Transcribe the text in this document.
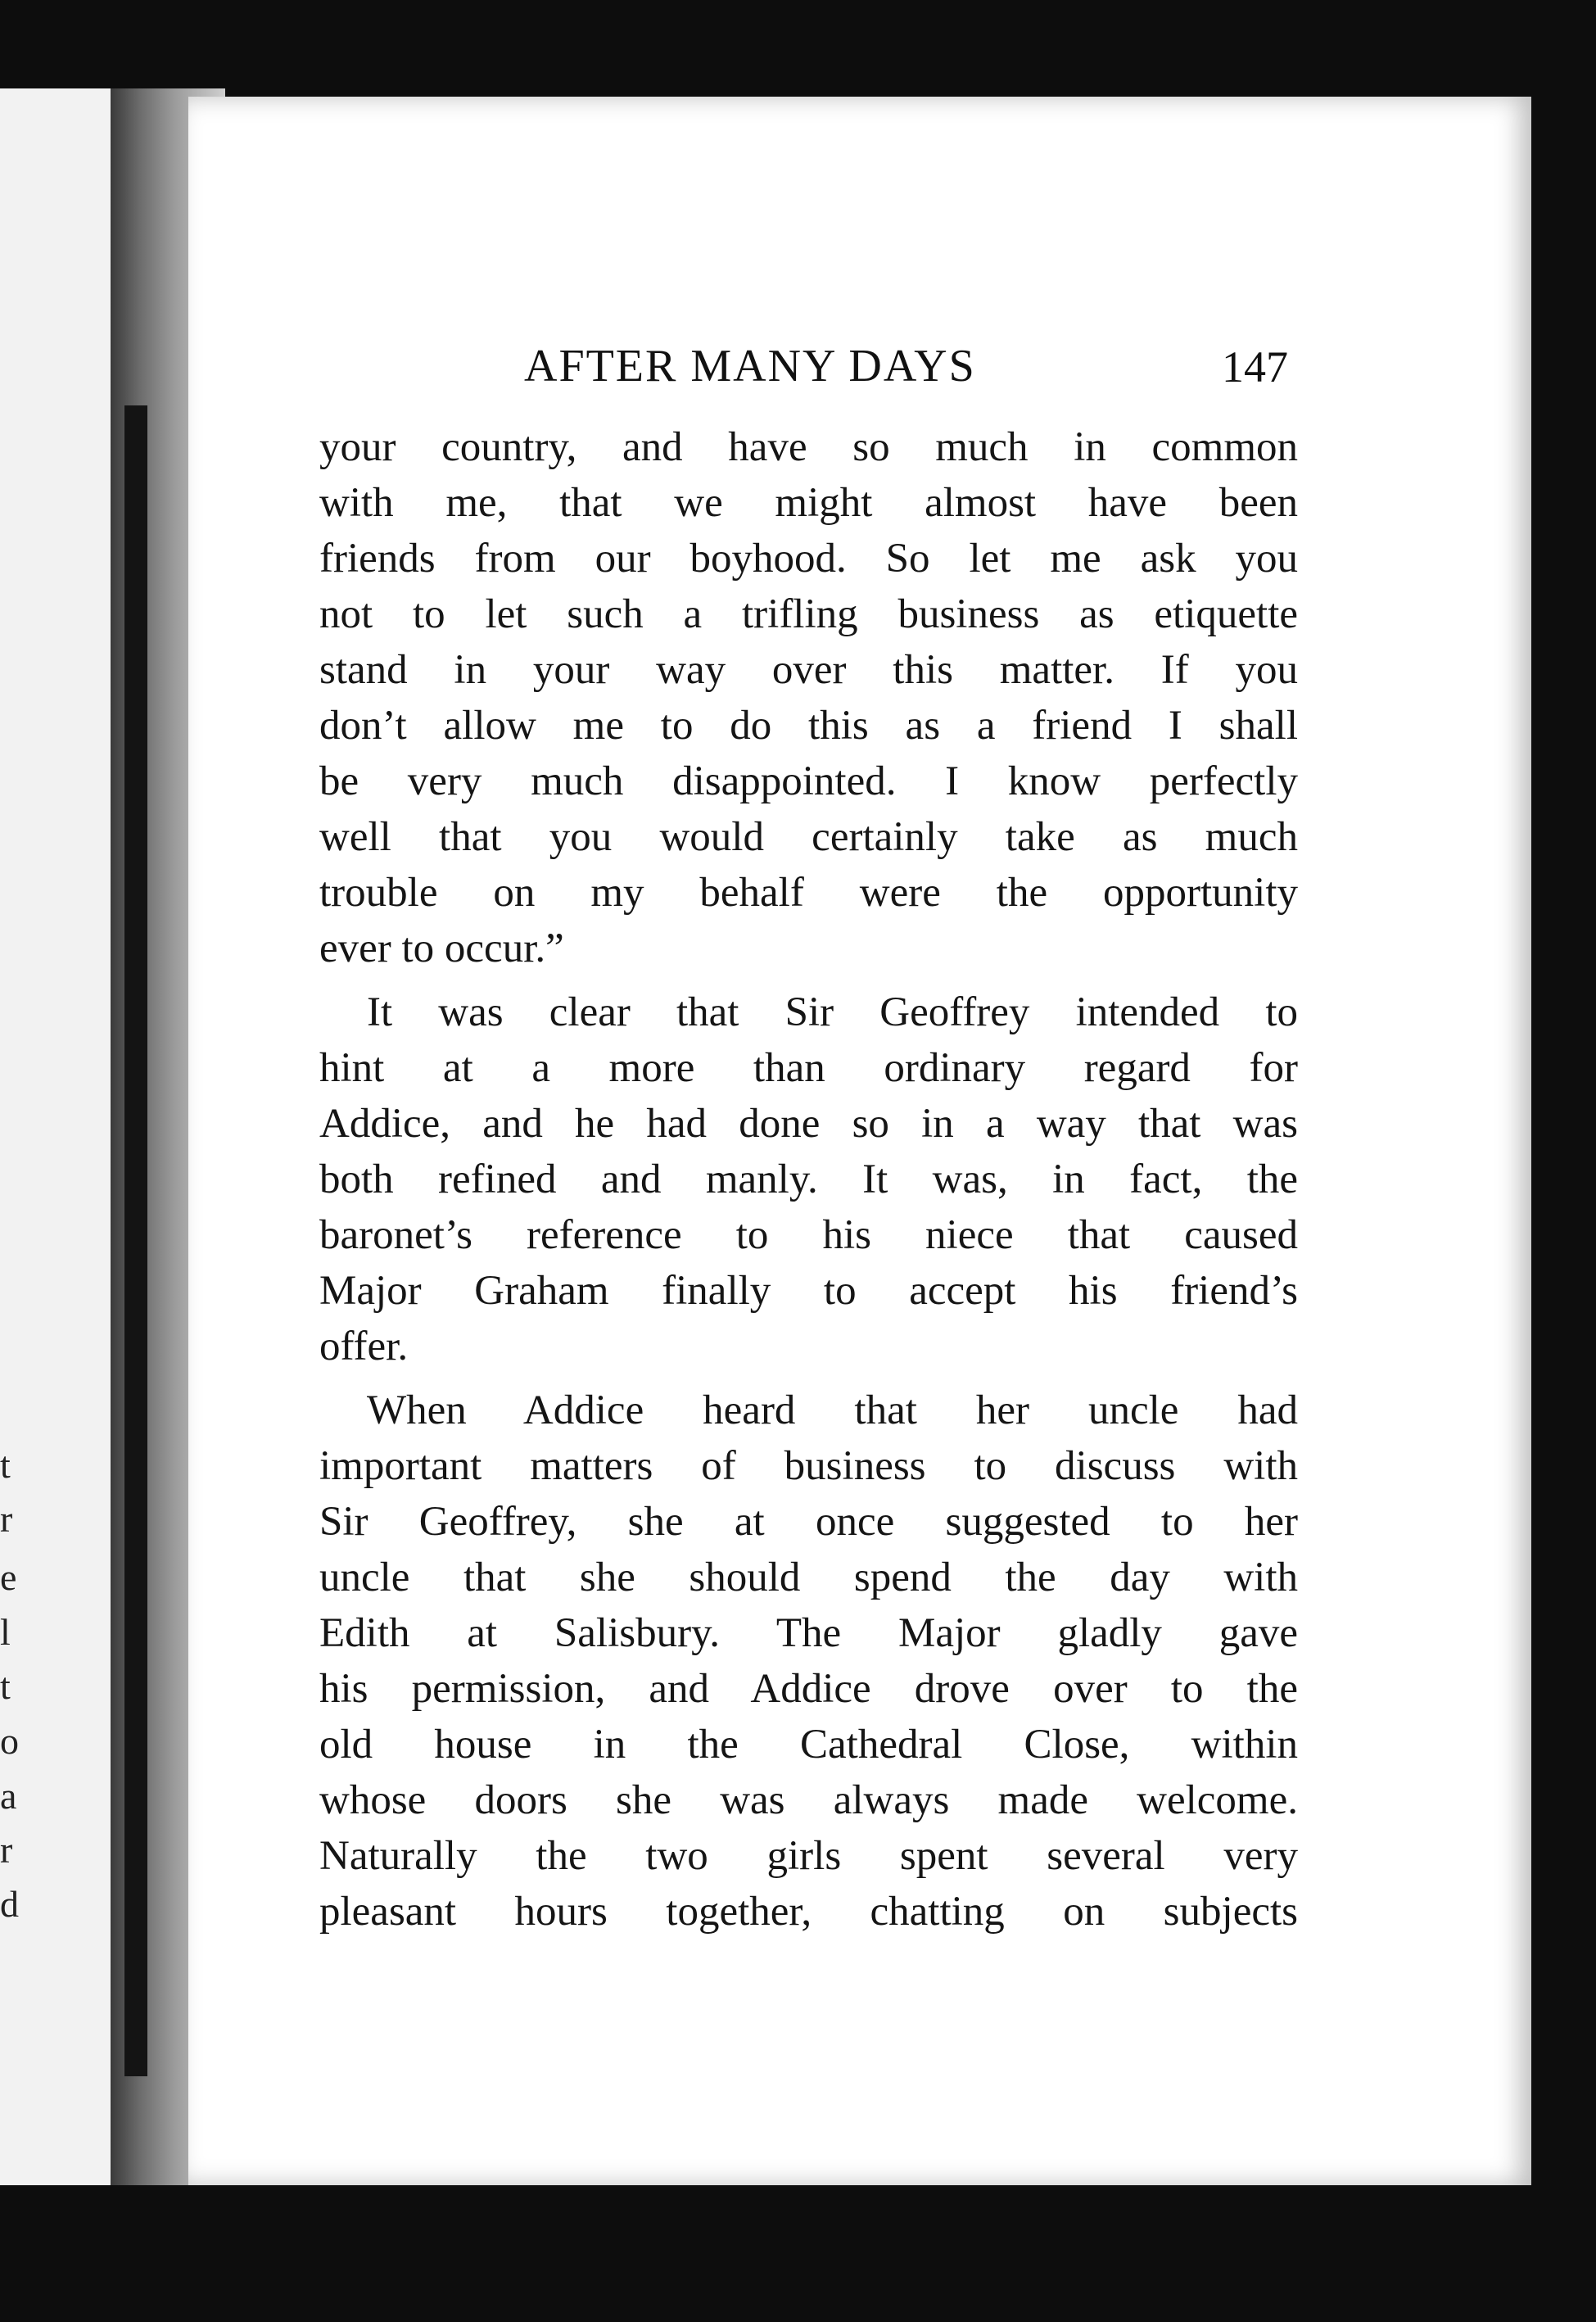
t
r
e
l
t
o
a
r
d
AFTER MANY DAYS	147
your country, and have so much in common
with me, that we might almost have been
friends from our boyhood. So let me ask you
not to let such a trifling business as etiquette
stand in your way over this matter. If you
don’t allow me to do this as a friend I shall
be very much disappointed. I know perfectly
well that you would certainly take as much
trouble on my behalf were the opportunity
ever to occur.”
It was clear that Sir Geoffrey intended to
hint at a more than ordinary regard for
Addice, and he had done so in a way that was
both refined and manly. It was, in fact, the
baronet’s reference to his niece that caused
Major Graham finally to accept his friend’s
offer.
When Addice heard that her uncle had
important matters of business to discuss with
Sir Geoffrey, she at once suggested to her
uncle that she should spend the day with
Edith at Salisbury. The Major gladly gave
his permission, and Addice drove over to the
old house in the Cathedral Close, within
whose doors she was always made welcome.
Naturally the two girls spent several very
pleasant hours together, chatting on subjects
